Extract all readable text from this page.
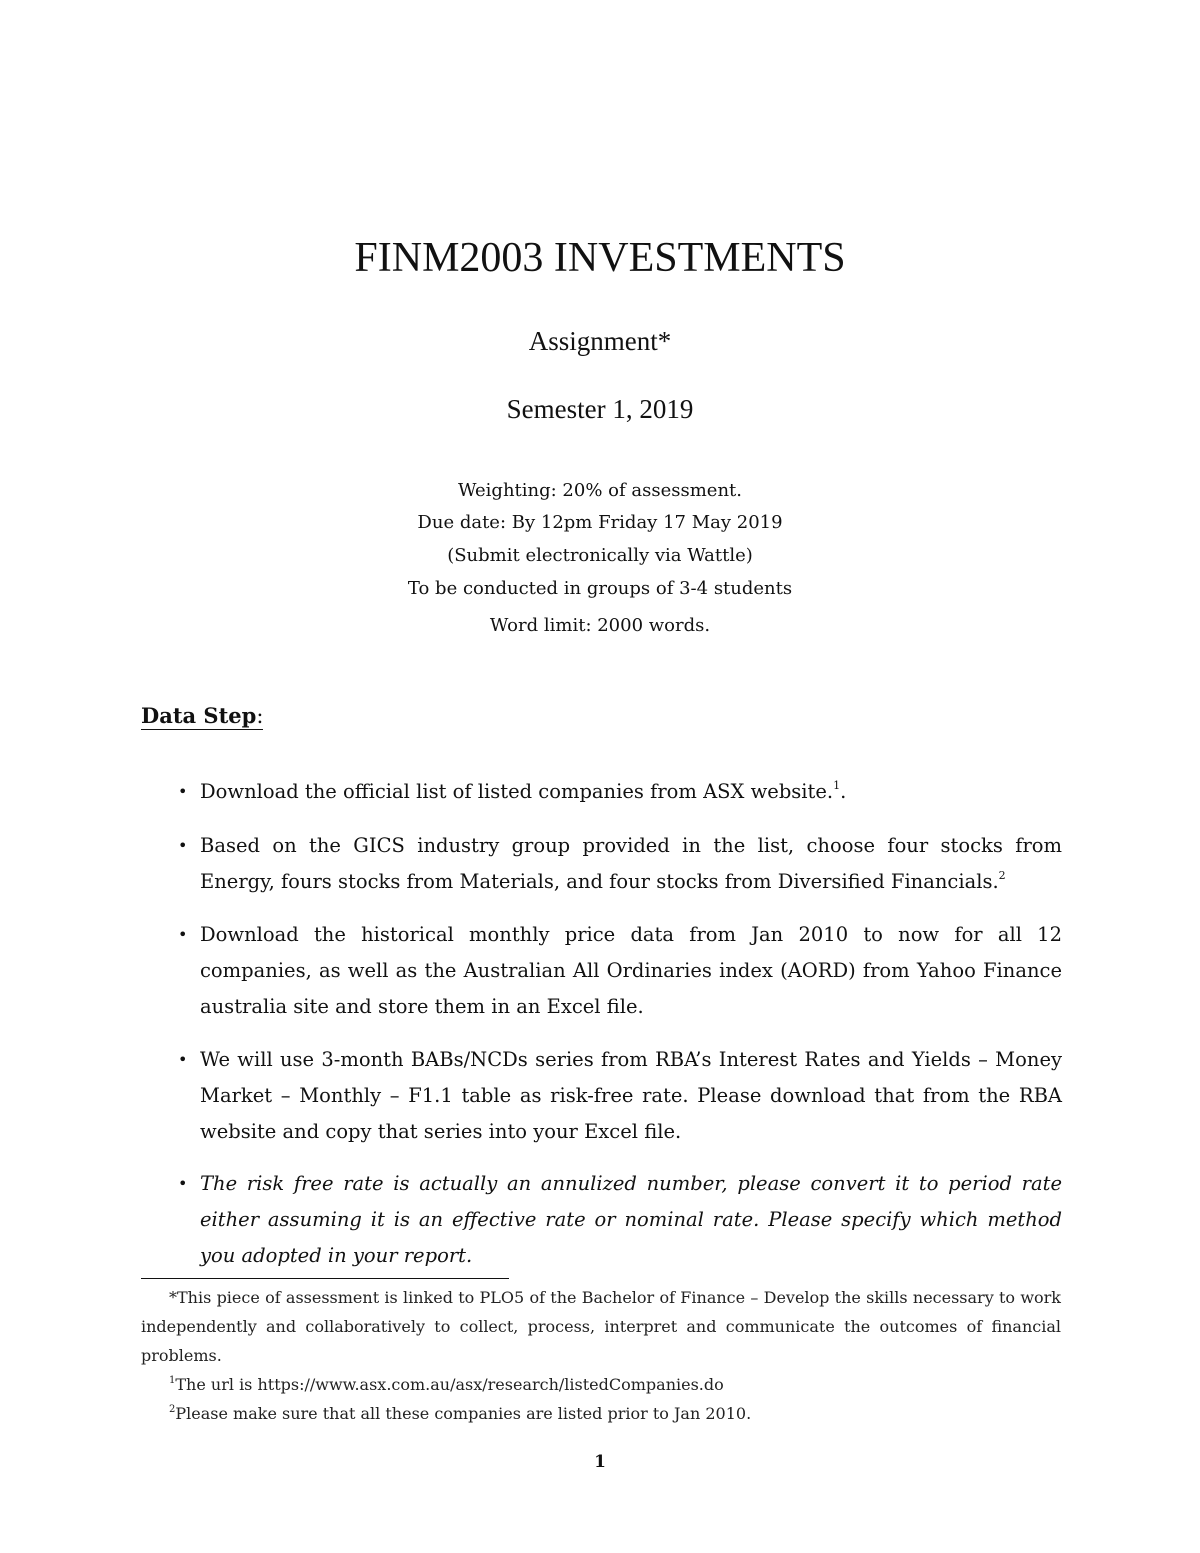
FINM2003 INVESTMENTS
Assignment*
Semester 1, 2019
Weighting: 20% of assessment.
Due date: By 12pm Friday 17 May 2019
(Submit electronically via Wattle)
To be conducted in groups of 3-4 students
Word limit: 2000 words.
Data Step:
• Download the official list of listed companies from ASX website.$^1$.
• Based on the GICS industry group provided in the list, choose four stocks from Energy, fours stocks from Materials, and four stocks from Diversified Financials.$^2$
• Download the historical monthly price data from Jan 2010 to now for all 12 companies, as well as the Australian All Ordinaries index (AORD) from Yahoo Finance australia site and store them in an Excel file.
• We will use 3-month BABs/NCDs series from RBA’s Interest Rates and Yields – Money Market – Monthly – F1.1 table as risk-free rate. Please download that from the RBA website and copy that series into your Excel file.
• The risk free rate is actually an annulized number, please convert it to period rate either assuming it is an effective rate or nominal rate. Please specify which method you adopted in your report.
*This piece of assessment is linked to PLO5 of the Bachelor of Finance – Develop the skills necessary to work independently and collaboratively to collect, process, interpret and communicate the outcomes of financial problems.
$^1$The url is https://www.asx.com.au/asx/research/listedCompanies.do
$^2$Please make sure that all these companies are listed prior to Jan 2010.
1
